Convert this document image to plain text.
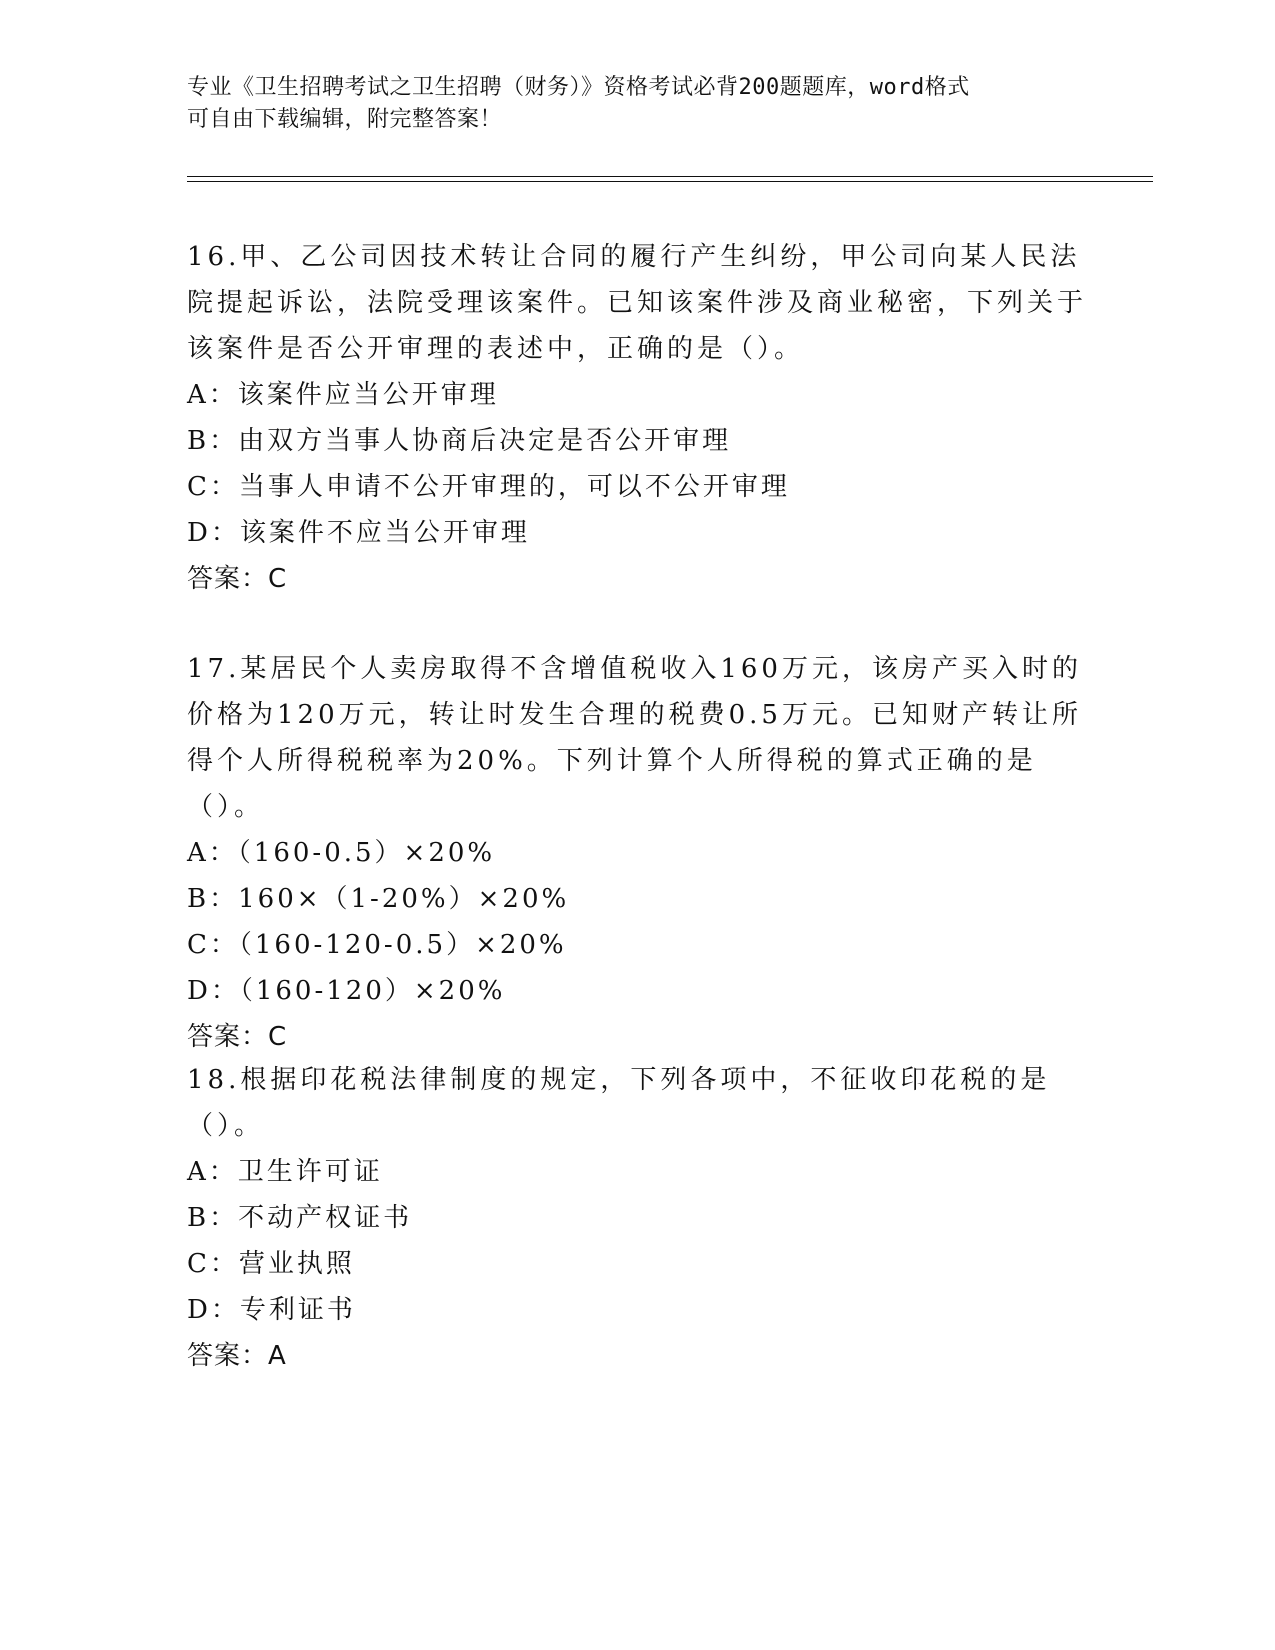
专业《卫生招聘考试之卫生招聘（财务）》资格考试必背200题题库，word格式
可自由下载编辑，附完整答案！

16.甲、乙公司因技术转让合同的履行产生纠纷，甲公司向某人民法院提起诉讼，法院受理该案件。已知该案件涉及商业秘密，下列关于该案件是否公开审理的表述中，正确的是（）。

A：该案件应当公开审理

B：由双方当事人协商后决定是否公开审理

C：当事人申请不公开审理的，可以不公开审理

D：该案件不应当公开审理

答案：C

17.某居民个人卖房取得不含增值税收入160万元，该房产买入时的价格为120万元，转让时发生合理的税费0.5万元。已知财产转让所得个人所得税税率为20%。下列计算个人所得税的算式正确的是（）。

A：（160-0.5）×20%

B：160×（1-20%）×20%

C：（160-120-0.5）×20%

D：（160-120）×20%

答案：C

18.根据印花税法律制度的规定，下列各项中，不征收印花税的是（）。

A：卫生许可证

B：不动产权证书

C：营业执照

D：专利证书

答案：A
